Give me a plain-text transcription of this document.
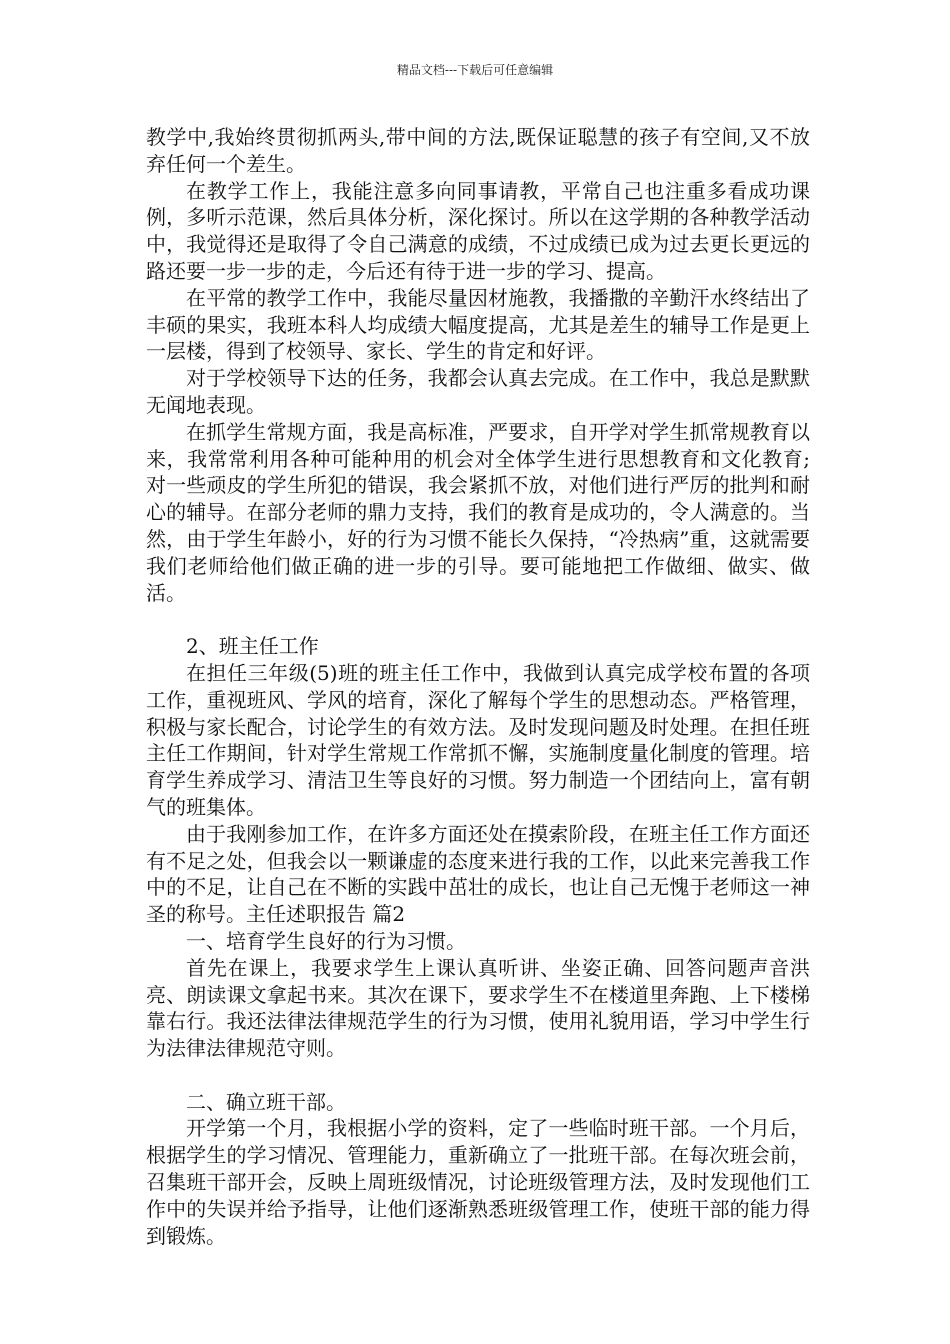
精品文档---下载后可任意编辑

教学中,我始终贯彻抓两头,带中间的方法,既保证聪慧的孩子有空间,又不放弃任何一个差生。

在教学工作上，我能注意多向同事请教，平常自己也注重多看成功课例，多听示范课，然后具体分析，深化探讨。所以在这学期的各种教学活动中，我觉得还是取得了令自己满意的成绩，不过成绩已成为过去更长更远的路还要一步一步的走，今后还有待于进一步的学习、提高。

在平常的教学工作中，我能尽量因材施教，我播撒的辛勤汗水终结出了丰硕的果实，我班本科人均成绩大幅度提高，尤其是差生的辅导工作是更上一层楼，得到了校领导、家长、学生的肯定和好评。

对于学校领导下达的任务，我都会认真去完成。在工作中，我总是默默无闻地表现。

在抓学生常规方面，我是高标准，严要求，自开学对学生抓常规教育以来，我常常利用各种可能种用的机会对全体学生进行思想教育和文化教育;对一些顽皮的学生所犯的错误，我会紧抓不放，对他们进行严厉的批判和耐心的辅导。在部分老师的鼎力支持，我们的教育是成功的，令人满意的。当然，由于学生年龄小，好的行为习惯不能长久保持，“冷热病”重，这就需要我们老师给他们做正确的进一步的引导。要可能地把工作做细、做实、做活。

2、班主任工作

在担任三年级(5)班的班主任工作中，我做到认真完成学校布置的各项工作，重视班风、学风的培育，深化了解每个学生的思想动态。严格管理，积极与家长配合，讨论学生的有效方法。及时发现问题及时处理。在担任班主任工作期间，针对学生常规工作常抓不懈，实施制度量化制度的管理。培育学生养成学习、清洁卫生等良好的习惯。努力制造一个团结向上，富有朝气的班集体。

由于我刚参加工作，在许多方面还处在摸索阶段，在班主任工作方面还有不足之处，但我会以一颗谦虚的态度来进行我的工作，以此来完善我工作中的不足，让自己在不断的实践中茁壮的成长，也让自己无愧于老师这一神圣的称号。主任述职报告 篇2

一、培育学生良好的行为习惯。

首先在课上，我要求学生上课认真听讲、坐姿正确、回答问题声音洪亮、朗读课文拿起书来。其次在课下，要求学生不在楼道里奔跑、上下楼梯靠右行。我还法律法律规范学生的行为习惯，使用礼貌用语，学习中学生行为法律法律规范守则。

二、确立班干部。

开学第一个月，我根据小学的资料，定了一些临时班干部。一个月后，根据学生的学习情况、管理能力，重新确立了一批班干部。在每次班会前，召集班干部开会，反映上周班级情况，讨论班级管理方法，及时发现他们工作中的失误并给予指导，让他们逐渐熟悉班级管理工作，使班干部的能力得到锻炼。
